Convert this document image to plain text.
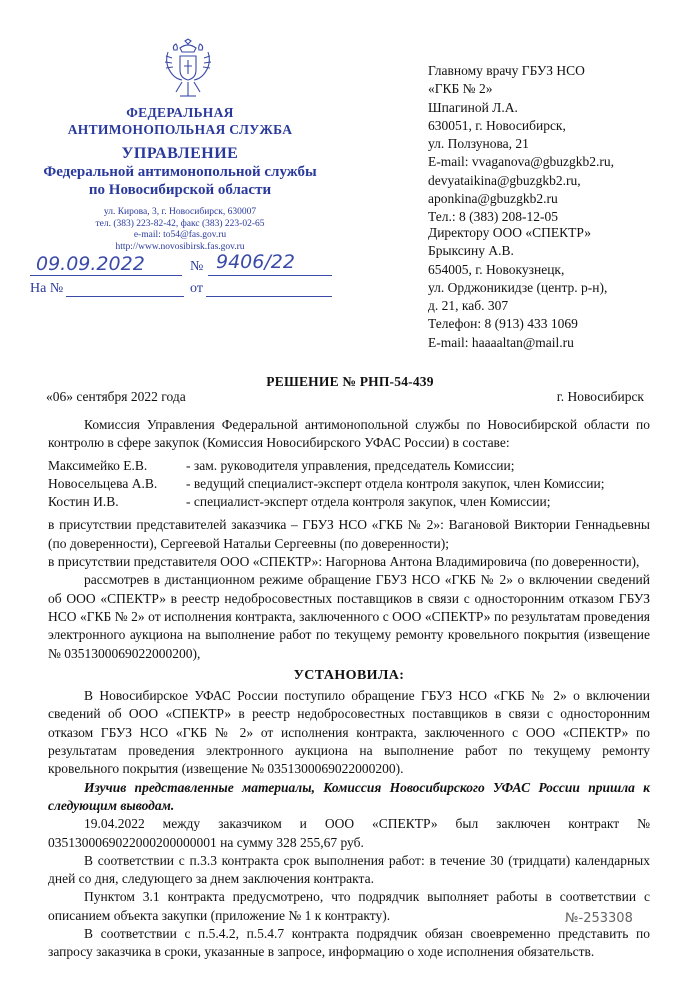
ФЕДЕРАЛЬНАЯ
АНТИМОНОПОЛЬНАЯ СЛУЖБА
УПРАВЛЕНИЕ
Федеральной антимонопольной службы
по Новосибирской области
ул. Кирова, 3, г. Новосибирск, 630007
тел. (383) 223-82-42, факс (383) 223-02-65
e-mail: to54@fas.gov.ru
http://www.novosibirsk.fas.gov.ru
09.09.2022	№ 9406/22
На №	от
Главному врачу ГБУЗ НСО
«ГКБ № 2»
Шпагиной Л.А.
630051, г. Новосибирск,
ул. Ползунова, 21
E-mail: vvaganova@gbuzgkb2.ru,
devyataikina@gbuzgkb2.ru,
aponkina@gbuzgkb2.ru
Тел.: 8 (383) 208-12-05
Директору ООО «СПЕКТР»
Брыксину А.В.
654005, г. Новокузнецк,
ул. Орджоникидзе (центр. р-н),
д. 21, каб. 307
Телефон: 8 (913) 433 1069
E-mail: haaaaltan@mail.ru
РЕШЕНИЕ № РНП-54-439
«06» сентября 2022 года	г. Новосибирск

Комиссия Управления Федеральной антимонопольной службы по Новосибирской области по контролю в сфере закупок (Комиссия Новосибирского УФАС России) в составе:

Максимейко Е.В.	- зам. руководителя управления, председатель Комиссии;
Новосельцева А.В.	- ведущий специалист-эксперт отдела контроля закупок, член Комиссии;
Костин И.В.	- специалист-эксперт отдела контроля закупок, член Комиссии;

в присутствии представителей заказчика – ГБУЗ НСО «ГКБ № 2»: Вагановой Виктории Геннадьевны (по доверенности), Сергеевой Натальи Сергеевны (по доверенности);

в присутствии представителя ООО «СПЕКТР»: Нагорнова Антона Владимировича (по доверенности),

рассмотрев в дистанционном режиме обращение ГБУЗ НСО «ГКБ № 2» о включении сведений об ООО «СПЕКТР» в реестр недобросовестных поставщиков в связи с односторонним отказом ГБУЗ НСО «ГКБ № 2» от исполнения контракта, заключенного с ООО «СПЕКТР» по результатам проведения электронного аукциона на выполнение работ по текущему ремонту кровельного покрытия (извещение № 0351300069022000200),

УСТАНОВИЛА:

В Новосибирское УФАС России поступило обращение ГБУЗ НСО «ГКБ № 2» о включении сведений об ООО «СПЕКТР» в реестр недобросовестных поставщиков в связи с односторонним отказом ГБУЗ НСО «ГКБ № 2» от исполнения контракта, заключенного с ООО «СПЕКТР» по результатам проведения электронного аукциона на выполнение работ по текущему ремонту кровельного покрытия (извещение № 0351300069022000200).

Изучив представленные материалы, Комиссия Новосибирского УФАС России пришла к следующим выводам.

19.04.2022 между заказчиком и ООО «СПЕКТР» был заключен контракт № 0351300069022000200000001 на сумму 328 255,67 руб.

В соответствии с п.3.3 контракта срок выполнения работ: в течение 30 (тридцати) календарных дней со дня, следующего за днем заключения контракта.

Пунктом 3.1 контракта предусмотрено, что подрядчик выполняет работы в соответствии с описанием объекта закупки (приложение № 1 к контракту).

В соответствии с п.5.4.2, п.5.4.7 контракта подрядчик обязан своевременно представить по запросу заказчика в сроки, указанные в запросе, информацию о ходе исполнения обязательств.

№-253308
